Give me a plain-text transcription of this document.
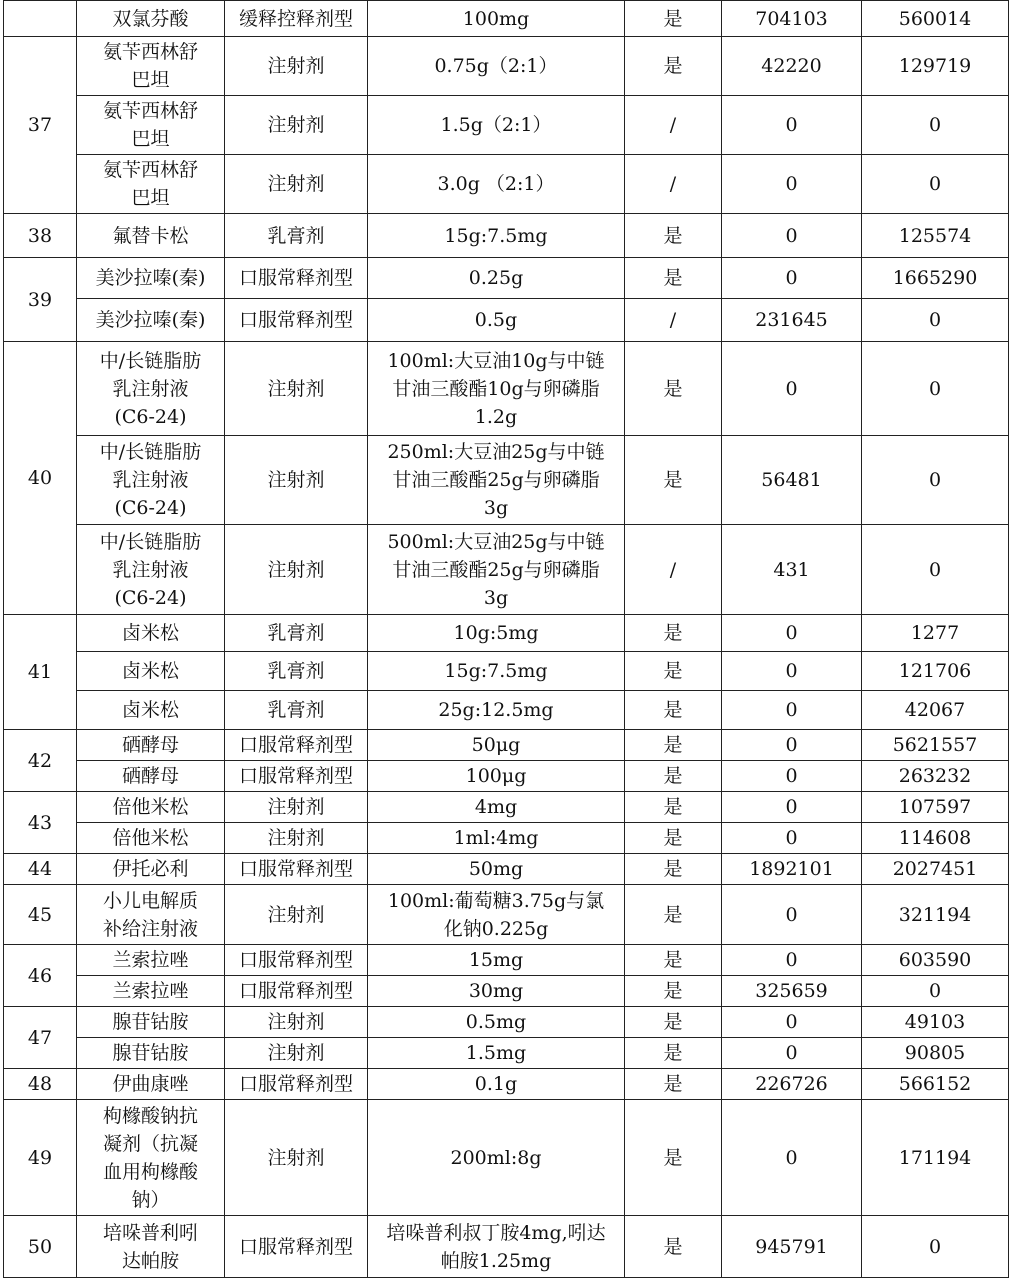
	双氯芬酸	缓释控释剂型	100mg	是	704103	560014
37	氨苄西林舒巴坦	注射剂	0.75g（2:1）	是	42220	129719
	氨苄西林舒巴坦	注射剂	1.5g（2:1）	/	0	0
	氨苄西林舒巴坦	注射剂	3.0g （2:1）	/	0	0
38	氟替卡松	乳膏剂	15g:7.5mg	是	0	125574
39	美沙拉嗪(秦)	口服常释剂型	0.25g	是	0	1665290
	美沙拉嗪(秦)	口服常释剂型	0.5g	/	231645	0
40	中/长链脂肪乳注射液(C6-24)	注射剂	100ml:大豆油10g与中链甘油三酸酯10g与卵磷脂1.2g	是	0	0
	中/长链脂肪乳注射液(C6-24)	注射剂	250ml:大豆油25g与中链甘油三酸酯25g与卵磷脂3g	是	56481	0
	中/长链脂肪乳注射液(C6-24)	注射剂	500ml:大豆油25g与中链甘油三酸酯25g与卵磷脂3g	/	431	0
41	卤米松	乳膏剂	10g:5mg	是	0	1277
	卤米松	乳膏剂	15g:7.5mg	是	0	121706
	卤米松	乳膏剂	25g:12.5mg	是	0	42067
42	硒酵母	口服常释剂型	50μg	是	0	5621557
	硒酵母	口服常释剂型	100μg	是	0	263232
43	倍他米松	注射剂	4mg	是	0	107597
	倍他米松	注射剂	1ml:4mg	是	0	114608
44	伊托必利	口服常释剂型	50mg	是	1892101	2027451
45	小儿电解质补给注射液	注射剂	100ml:葡萄糖3.75g与氯化钠0.225g	是	0	321194
46	兰索拉唑	口服常释剂型	15mg	是	0	603590
	兰索拉唑	口服常释剂型	30mg	是	325659	0
47	腺苷钴胺	注射剂	0.5mg	是	0	49103
	腺苷钴胺	注射剂	1.5mg	是	0	90805
48	伊曲康唑	口服常释剂型	0.1g	是	226726	566152
49	枸橼酸钠抗凝剂（抗凝血用枸橼酸钠）	注射剂	200ml:8g	是	0	171194
50	培哚普利吲达帕胺	口服常释剂型	培哚普利叔丁胺4mg,吲达帕胺1.25mg	是	945791	0
